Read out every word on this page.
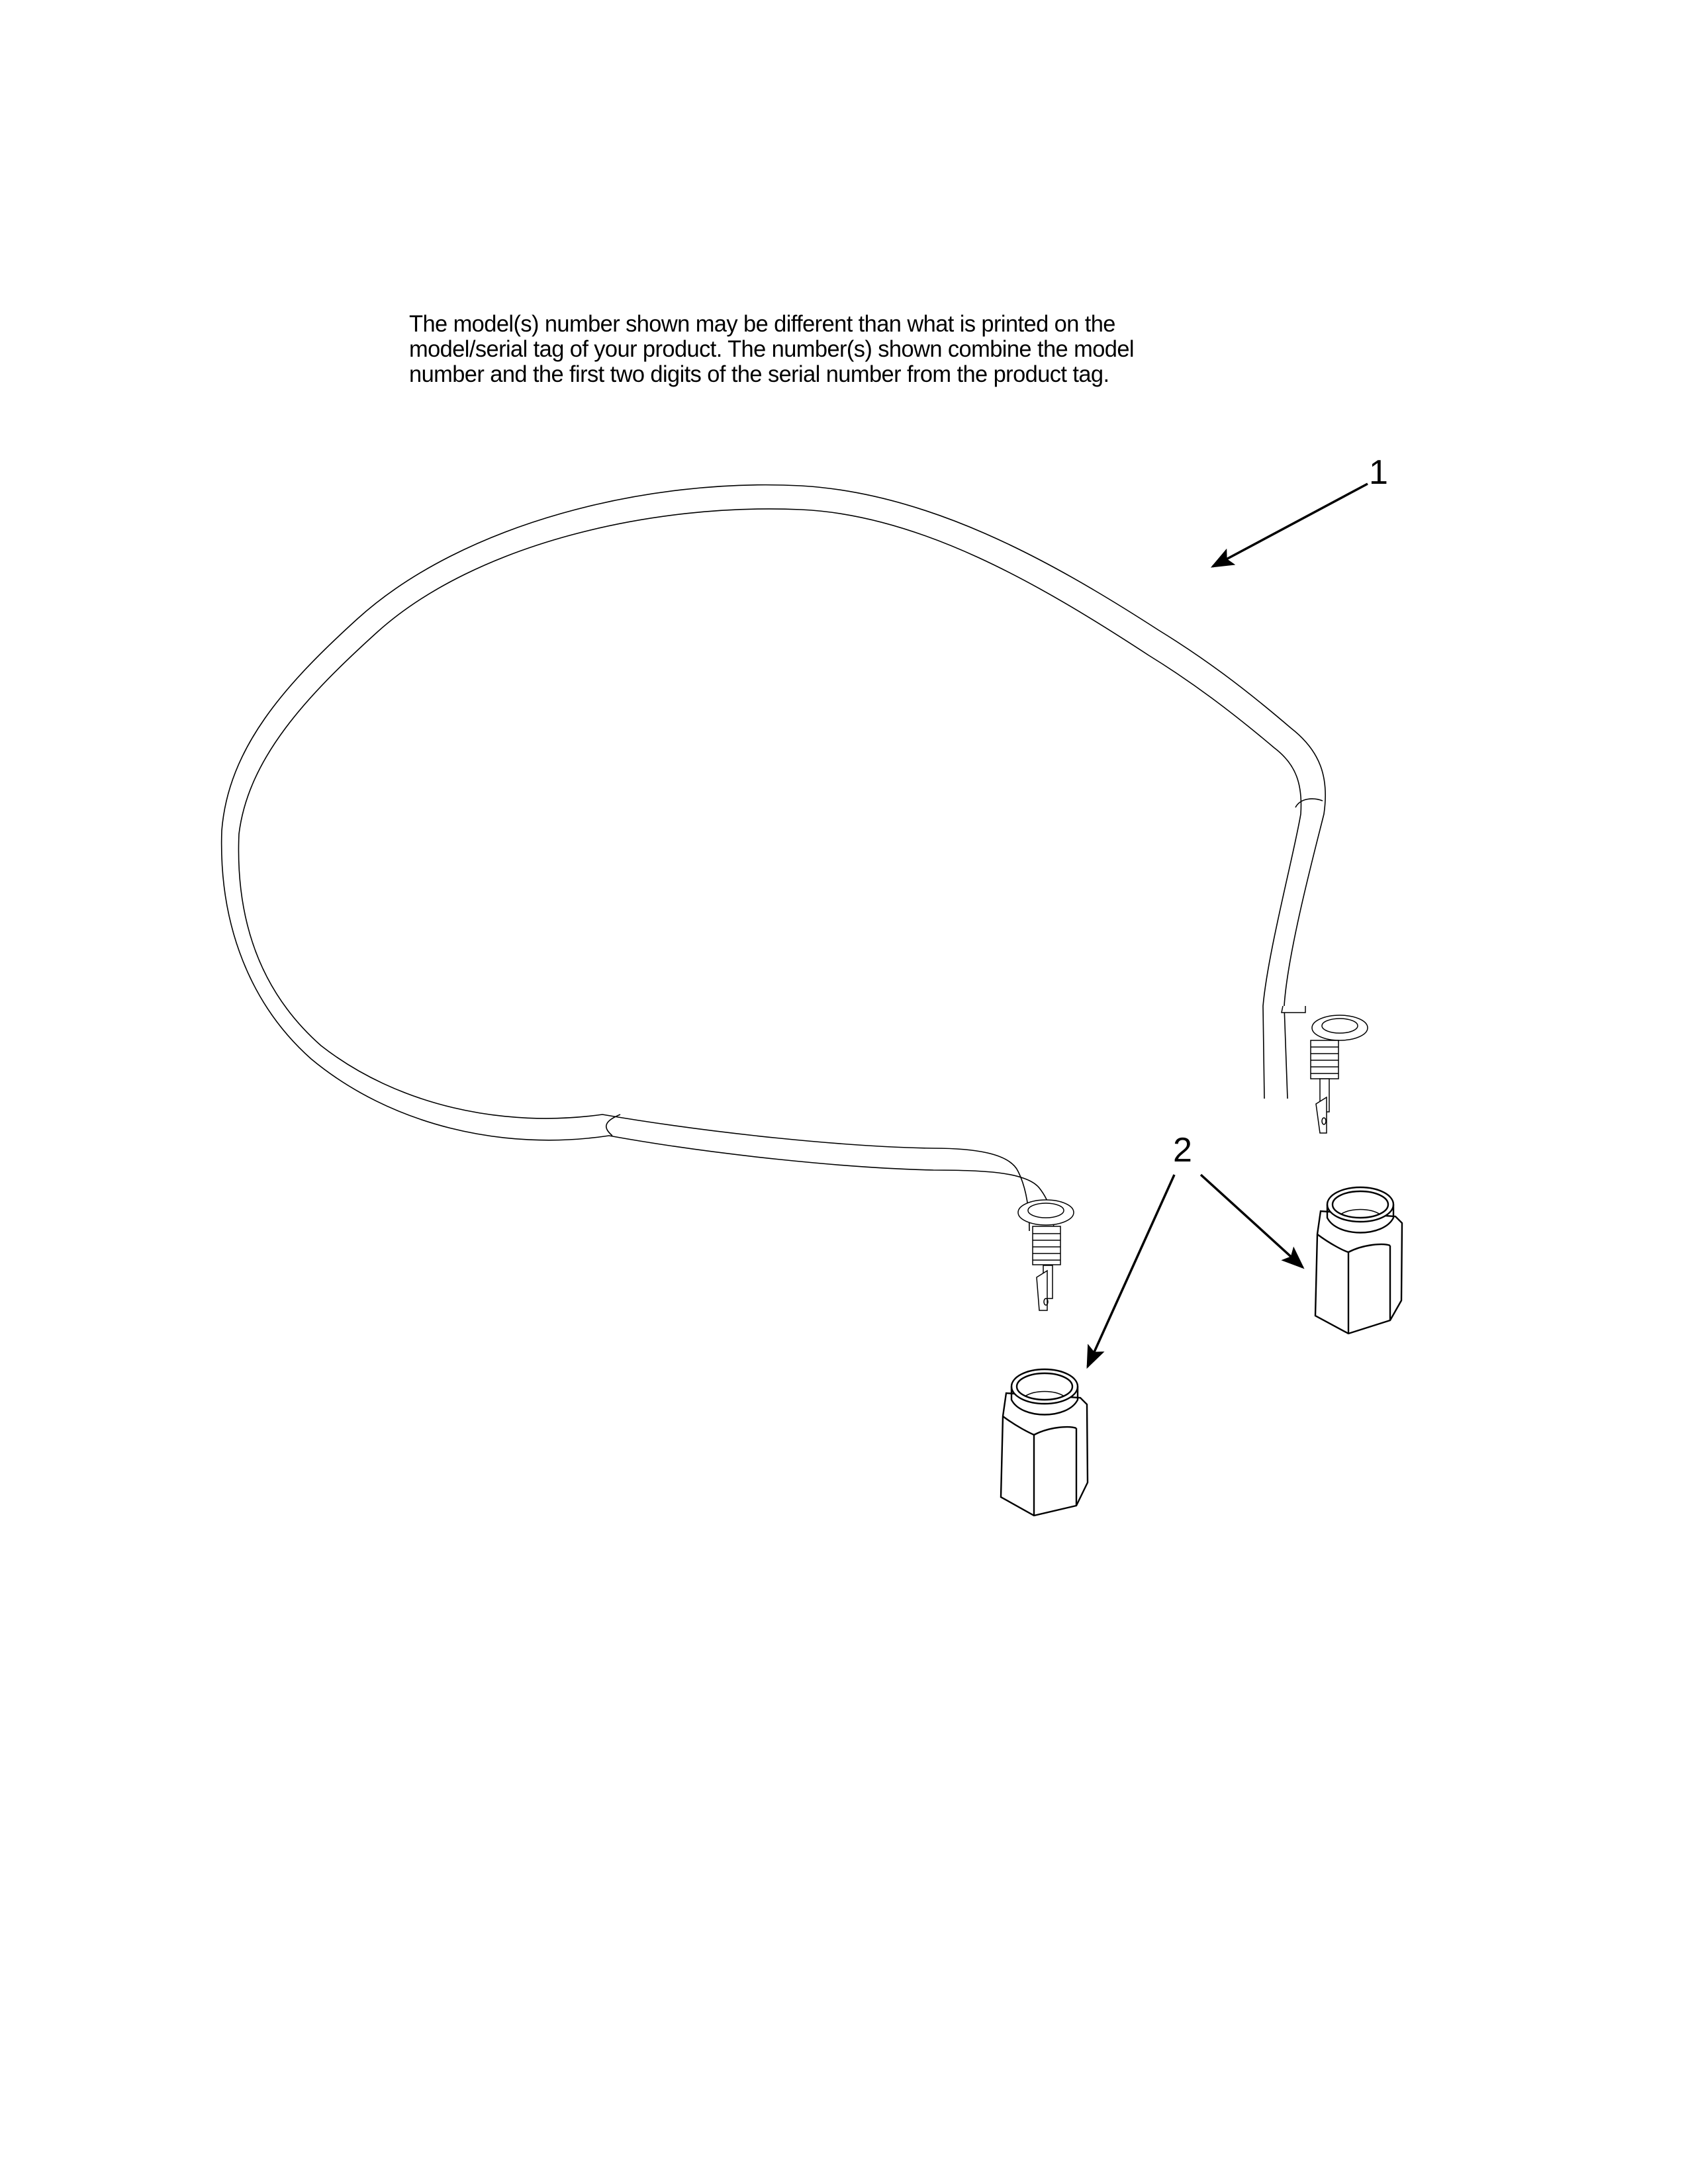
The model(s) number shown may be different than what is printed on the
model/serial tag of your product. The number(s) shown combine the model
number and the first two digits of the serial number from the product tag.
1
2
